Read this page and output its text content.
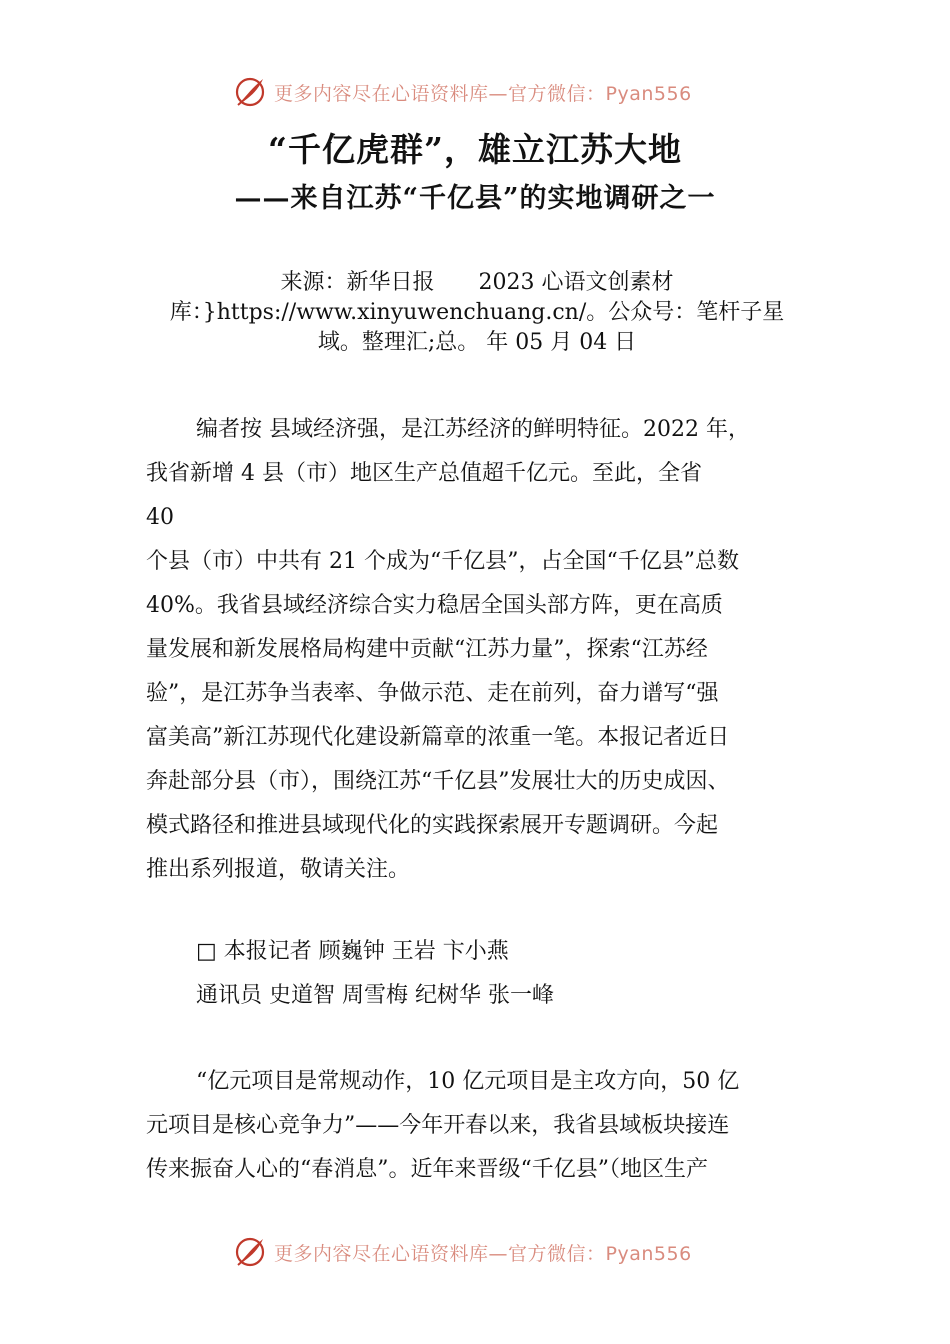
更多内容尽在心语资料库—官方微信：Pyan556
“千亿虎群”，雄立江苏大地
——来自江苏“千亿县”的实地调研之一

来源：新华日报　　2023 心语文创素材
库：}https://www.xinyuwenchuang.cn/。公众号：笔杆子星
域。整理汇;总。 年 05 月 04 日

编者按 县域经济强，是江苏经济的鲜明特征。2022 年，
我省新增 4 县（市）地区生产总值超千亿元。至此，全省
40
个县（市）中共有 21 个成为“千亿县”，占全国“千亿县”总数
40%。我省县域经济综合实力稳居全国头部方阵，更在高质
量发展和新发展格局构建中贡献“江苏力量”，探索“江苏经
验”，是江苏争当表率、争做示范、走在前列，奋力谱写“强
富美高”新江苏现代化建设新篇章的浓重一笔。本报记者近日
奔赴部分县（市），围绕江苏“千亿县”发展壮大的历史成因、
模式路径和推进县域现代化的实践探索展开专题调研。今起
推出系列报道，敬请关注。

□ 本报记者 顾巍钟 王岩 卞小燕
通讯员 史道智 周雪梅 纪树华 张一峰

“亿元项目是常规动作，10 亿元项目是主攻方向，50 亿
元项目是核心竞争力”——今年开春以来，我省县域板块接连
传来振奋人心的“春消息”。近年来晋级“千亿县”（地区生产

更多内容尽在心语资料库—官方微信：Pyan556
